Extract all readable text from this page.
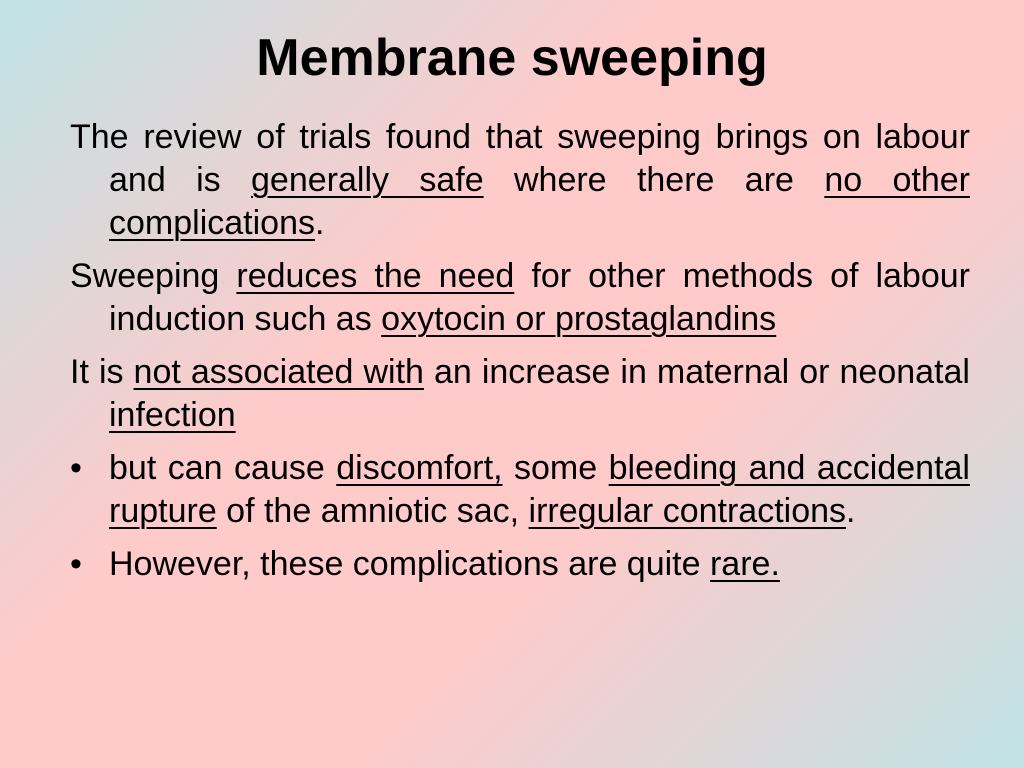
Membrane sweeping

The review of trials found that sweeping brings on labour and is generally safe where there are no other complications.

Sweeping reduces the need for other methods of labour induction such as oxytocin or prostaglandins

It is not associated with an increase in maternal or neonatal infection

• but can cause discomfort, some bleeding and accidental rupture of the amniotic sac, irregular contractions.

• However, these complications are quite rare.
